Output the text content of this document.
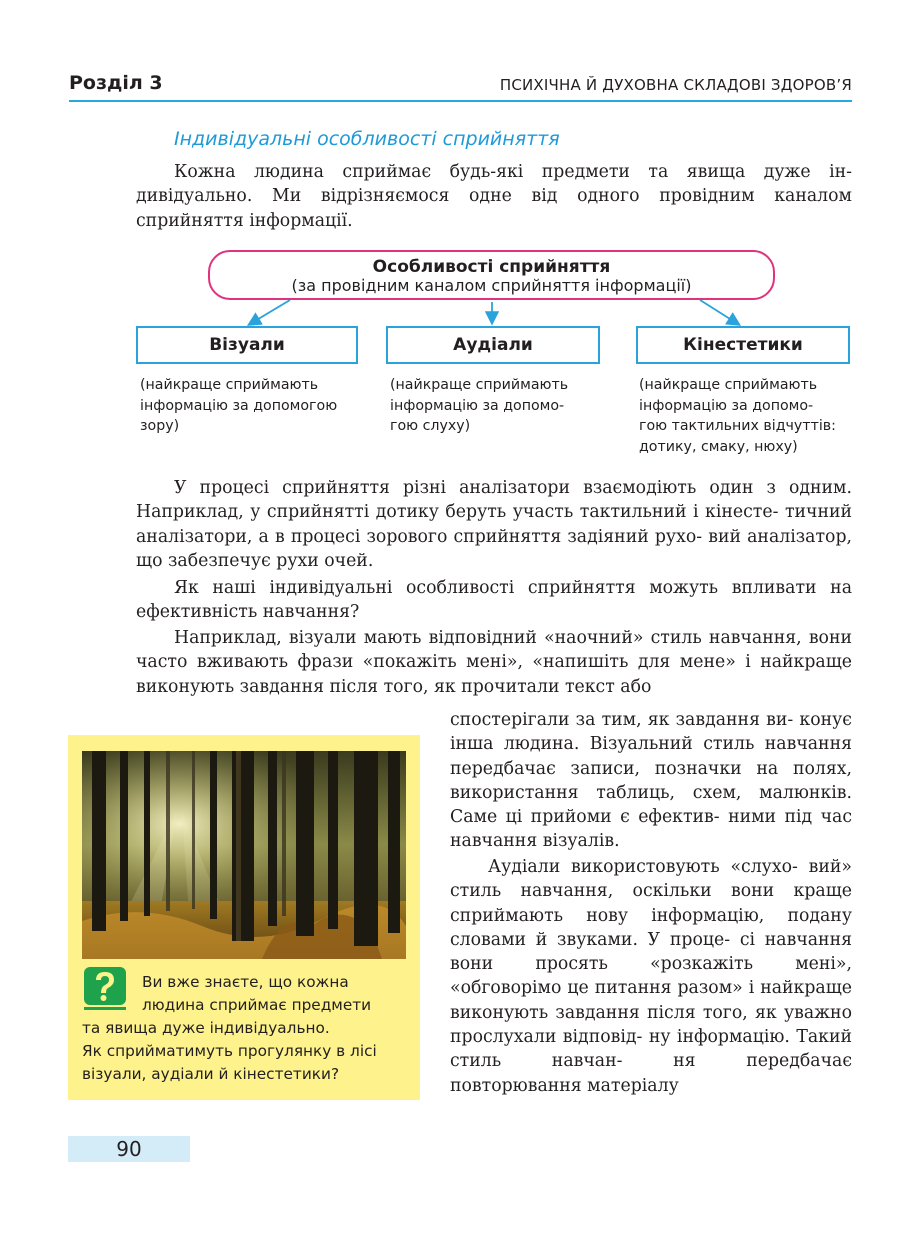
Розділ 3	ПСИХІЧНА Й ДУХОВНА СКЛАДОВІ ЗДОРОВ’Я
Індивідуальні особливості сприйняття

Кожна людина сприймає будь-які предмети та явища дуже ін- дивідуально. Ми відрізняємося одне від одного провідним каналом сприйняття інформації.

Особливості сприйняття
(за провідним каналом сприйняття інформації)
Візуали	Аудіали	Кінестетики
(найкраще сприймають
інформацію за допомогою
зору)
(найкраще сприймають
інформацію за допомо-
гою слуху)
(найкраще сприймають
інформацію за допомо-
гою тактильних відчуттів:
дотику, смаку, нюху)

У процесі сприйняття різні аналізатори взаємодіють один з одним. Наприклад, у сприйнятті дотику беруть участь тактильний і кінесте- тичний аналізатори, а в процесі зорового сприйняття задіяний рухо- вий аналізатор, що забезпечує рухи очей.

Як наші індивідуальні особливості сприйняття можуть впливати на ефективність навчання?

Наприклад, візуали мають відповідний «наочний» стиль навчання, вони часто вживають фрази «покажіть мені», «напишіть для мене» і найкраще виконують завдання після того, як прочитали текст або

спостерігали за тим, як завдання ви- конує інша людина. Візуальний стиль навчання передбачає записи, позначки на полях, використання таблиць, схем, малюнків. Саме ці прийоми є ефектив- ними під час навчання візуалів.

Аудіали використовують «слухо- вий» стиль навчання, оскільки вони краще сприймають нову інформацію, подану словами й звуками. У проце- сі навчання вони просять «розкажіть мені», «обговорімо це питання разом» і найкраще виконують завдання після того, як уважно прослухали відповід- ну інформацію. Такий стиль навчан-	ня передбачає повторювання матеріалу

Ви вже знаєте, що кожна
людина сприймає предмети
та явища дуже індивідуально.
Як сприйматимуть прогулянку в лісі
візуали, аудіали й кінестетики?
90
